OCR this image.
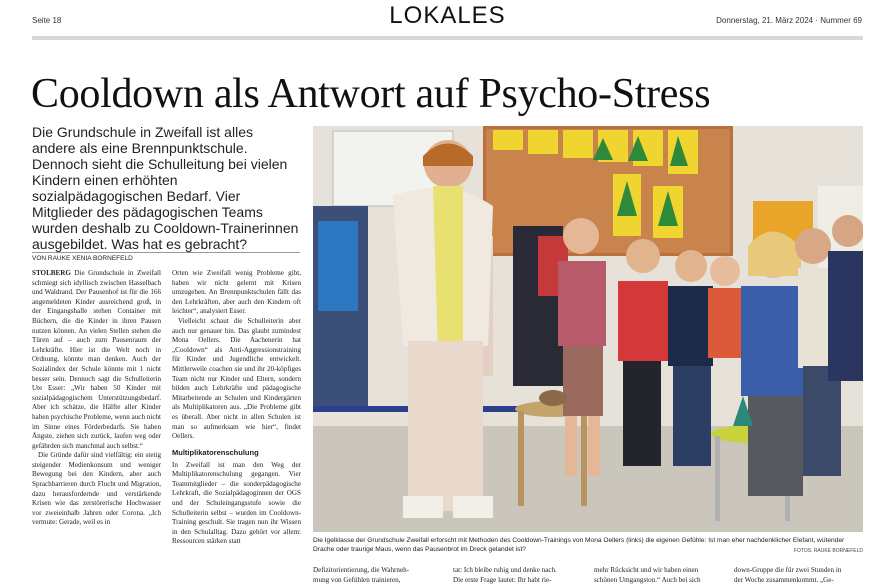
Seite 18	LOKALES	Donnerstag, 21. März 2024 · Nummer 69
Cooldown als Antwort auf Psycho-Stress
Die Grundschule in Zweifall ist alles andere als eine Brennpunktschule. Dennoch sieht die Schulleitung bei vielen Kindern einen erhöhten sozialpädagogischen Bedarf. Vier Mitglieder des pädagogischen Teams wurden deshalb zu Cooldown-Trainerinnen ausgebildet. Was hat es gebracht?
VON RAUKE XENIA BORNEFELD

STOLBERG Die Grundschule in Zweifall schmiegt sich idyllisch zwischen Hasselbach und Waldrand. Der Pausenhof ist für die 166 angemeldeten Kinder ausreichend groß, in der Eingangshalle stehen Container mit Büchern, die die Kinder in ihren Pausen nutzen können. An vielen Stellen stehen die Türen auf – auch zum Pausenraum der Lehrkräfte. Hier ist die Welt noch in Ordnung, könnte man denken. Auch der Sozialindex der Schule könnte mit 1 nicht besser sein. Dennoch sagt die Schulleiterin Ute Esser: „Wir haben 50 Kinder mit sozialpädagogischem Unterstützungsbedarf. Aber ich schätze, die Hälfte aller Kinder haben psychische Probleme, wenn auch nicht im Sinne eines Förderbedarfs. Sie haben Ängste, ziehen sich zurück, laufen weg oder gefährden sich manchmal auch selbst.“

Die Gründe dafür sind vielfältig: ein stetig steigender Medienkonsum und weniger Bewegung bei den Kindern, aber auch Sprachbarrieren durch Flucht und Migration, dazu herausfordernde und verstärkende Krisen wie das zerstörerische Hochwasser vor zweieinhalb Jahren oder Corona. „Ich vermute: Gerade, weil es in

Orten wie Zweifall wenig Probleme gibt, haben wir nicht gelernt mit Krisen umzugehen. An Brennpunktschulen fällt das den Lehrkräften, aber auch den Kindern oft leichter“, analysiert Esser.

Vielleicht schaut die Schulleiterin aber auch nur genauer hin. Das glaubt zumindest Mona Oellers. Die Aachenerin hat „Cooldown“ als Anti-Aggressionstraining für Kinder und Jugendliche entwickelt. Mittlerweile coachen sie und ihr 20-köpfiges Team nicht nur Kinder und Eltern, sondern bilden auch Lehrkräfte und pädagogische Mitarbeitende an Schulen und Kindergärten als Multiplikatoren aus. „Die Probleme gibt es überall. Aber nicht in allen Schulen ist man so aufmerksam wie hier“, findet Oellers.

Multiplikatorenschulung

In Zweifall ist man den Weg der Multiplikatorenschulung gegangen. Vier Teammitglieder – die sonderpädagogische Lehrkraft, die Sozialpädagoginnen der OGS und der Schuleingangsstufe sowie die Schulleiterin selbst – wurden im Cooldown-Training geschult. Sie tragen nun ihr Wissen in den Schulalltag. Dazu gehört vor allem: Ressourcen stärken statt	Die Igelklasse der Grundschule Zweifall erforscht mit Methoden des Cooldown-Trainings von Mona Oellers (links) die eigenen Gefühle: Ist man eher nachdenklicher Elefant, wütender Drache oder traurige Maus, wenn das Pausenbrot im Dreck gelandet ist?	FOTOS: RAUKE BORNEFELD
Defizitorientierung, die Wahrneh-
mung von Gefühlen trainieren,
tat: Ich bleibe ruhig und denke nach.
Die erste Frage lautet: Ihr habt rie-
mehr Rücksicht und wir haben einen
schönen Umgangston.“ Auch bei sich
down-Gruppe die für zwei Stunden in
der Woche zusammenkommt. „Ge-
